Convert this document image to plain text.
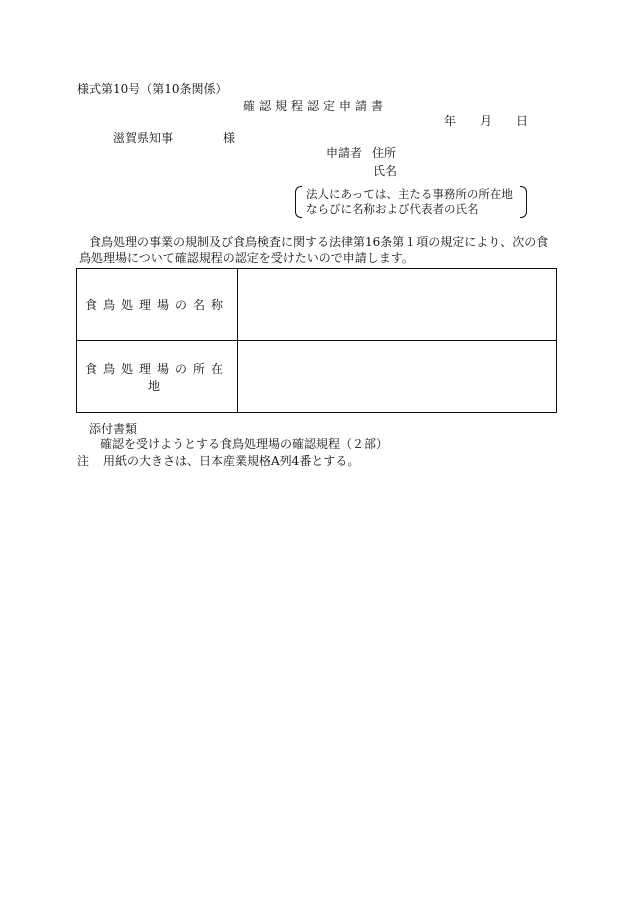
様式第10号（第10条関係）
確認規程認定申請書
年 月 日
滋賀県知事	様
申請者 住所
氏名
法人にあっては、主たる事務所の所在地
ならびに名称および代表者の氏名
食鳥処理の事業の規制及び食鳥検査に関する法律第16条第１項の規定により、次の食
鳥処理場について確認規程の認定を受けたいので申請します。
食鳥処理場の名称	
食鳥処理場の所在地	
添付書類
確認を受けようとする食鳥処理場の確認規程（２部）
注 用紙の大きさは、日本産業規格A列4番とする。
